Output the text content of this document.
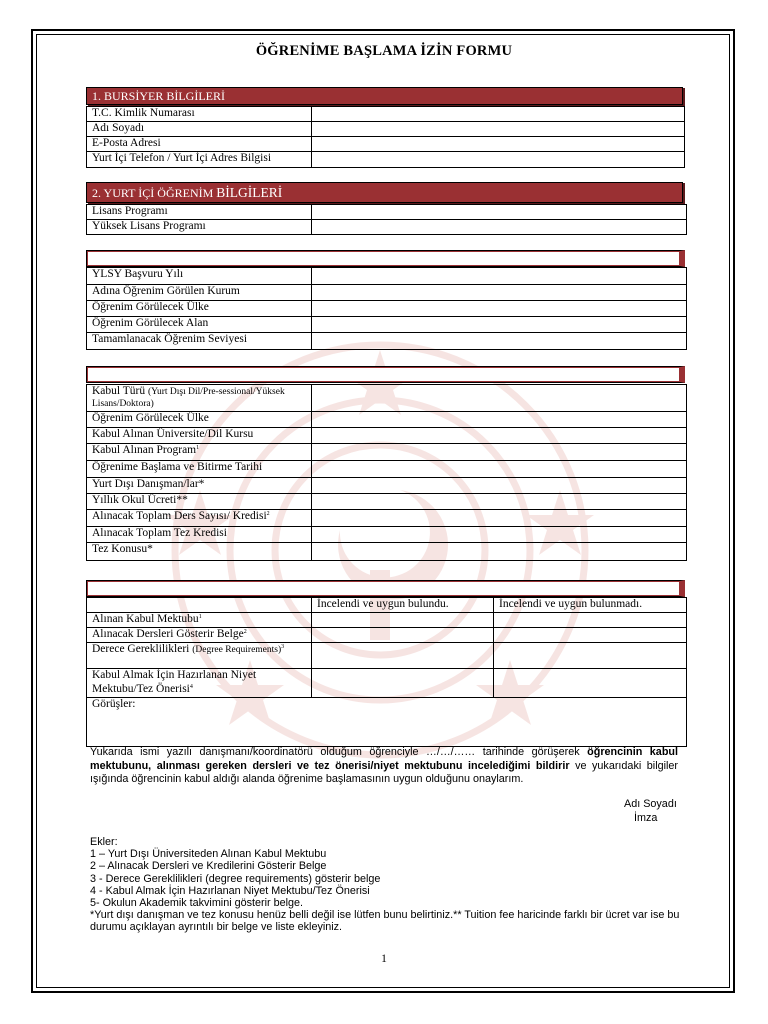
ÖĞRENİME BAŞLAMA İZİN FORMU
1. BURSİYER BİLGİLERİ
T.C. Kimlik Numarası	
Adı Soyadı	
E-Posta Adresi	
Yurt İçi Telefon / Yurt İçi Adres Bilgisi	
2. YURT İÇİ ÖĞRENİM BİLGİLERİ
Lisans Programı	
Yüksek Lisans Programı	
YLSY Başvuru Yılı	
Adına Öğrenim Görülen Kurum	
Öğrenim Görülecek Ülke	
Öğrenim Görülecek Alan	
Tamamlanacak Öğrenim Seviyesi	
Kabul Türü (Yurt Dışı Dil/Pre-sessional/Yüksek Lisans/Doktora)	
Öğrenim Görülecek Ülke	
Kabul Alınan Üniversite/Dil Kursu	
Kabul Alınan Program$^1$	
Öğrenime Başlama ve Bitirme Tarihi	
Yurt Dışı Danışman/lar*	
Yıllık Okul Ücreti**	
Alınacak Toplam Ders Sayısı/ Kredisi$^2$	
Alınacak Toplam Tez Kredisi	
Tez Konusu*	
	İncelendi ve uygun bulundu.	İncelendi ve uygun bulunmadı.
Alınan Kabul Mektubu$^1$		
Alınacak Dersleri Gösterir Belge$^2$		
Derece Gereklilikleri (Degree Requirements)$^3$		
Kabul Almak İçin Hazırlanan Niyet Mektubu/Tez Önerisi$^4$		
Görüşler:		
Yukarıda ismi yazılı danışmanı/koordinatörü olduğum öğrenciyle …/…/…… tarihinde görüşerek öğrencinin kabul mektubunu, alınması gereken dersleri ve tez önerisi/niyet mektubunu incelediğimi bildirir ve yukarıdaki bilgiler ışığında öğrencinin kabul aldığı alanda öğrenime başlamasının uygun olduğunu onaylarım.
Adı Soyadı
İmza
Ekler:
1 – Yurt Dışı Üniversiteden Alınan Kabul Mektubu
2 – Alınacak Dersleri ve Kredilerini Gösterir Belge
3 - Derece Gereklilikleri (degree requirements) gösterir belge
4 - Kabul Almak İçin Hazırlanan Niyet Mektubu/Tez Önerisi
5- Okulun Akademik takvimini gösterir belge.
*Yurt dışı danışman ve tez konusu henüz belli değil ise lütfen bunu belirtiniz.** Tuition fee haricinde farklı bir ücret var ise bu durumu açıklayan ayrıntılı bir belge ve liste ekleyiniz.
1
